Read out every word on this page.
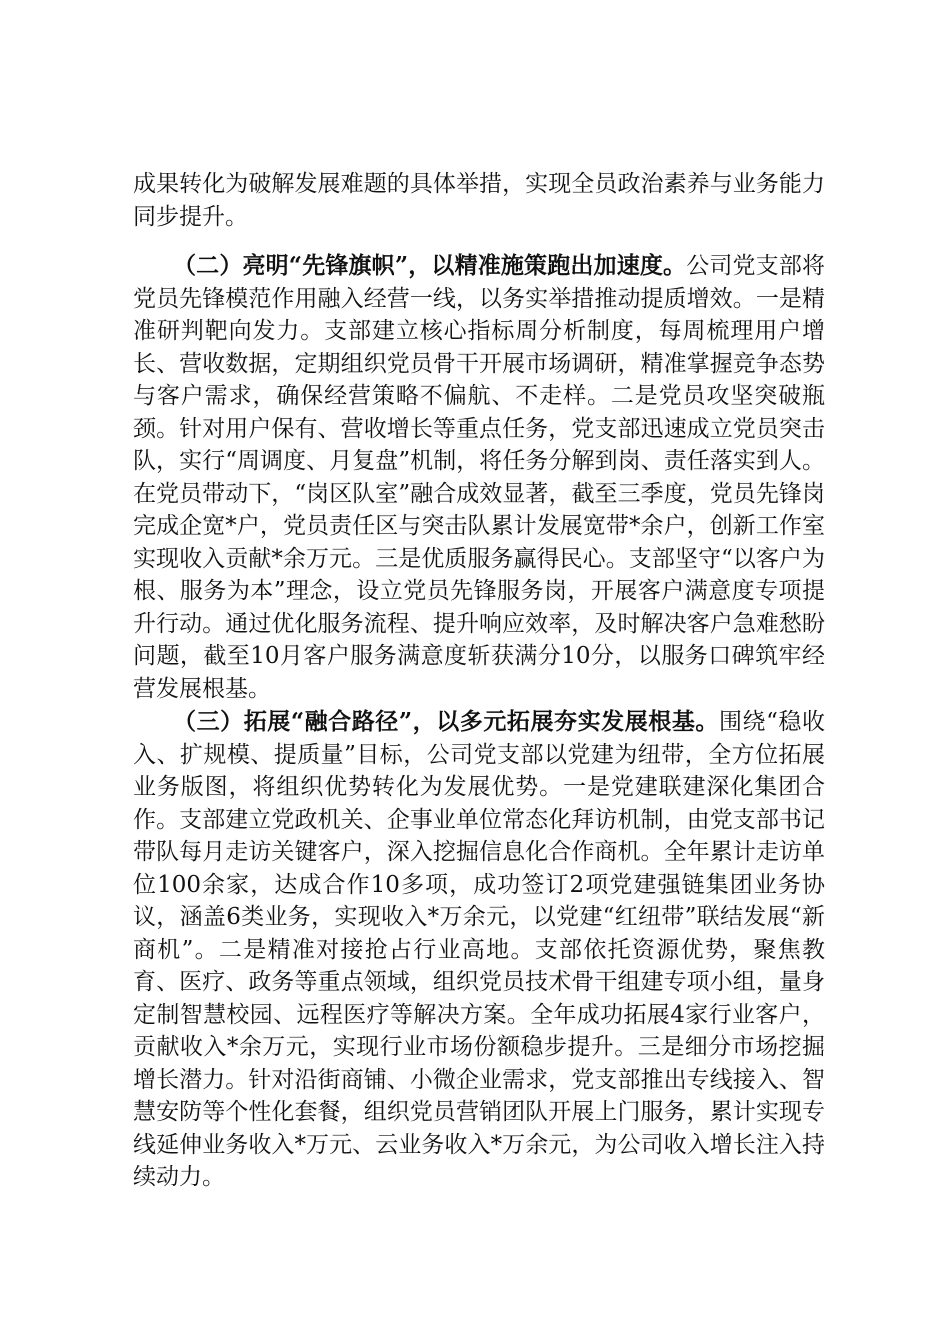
成果转化为破解发展难题的具体举措，实现全员政治素养与业务能力同步提升。

（二）亮明“先锋旗帜”，以精准施策跑出加速度。公司党支部将党员先锋模范作用融入经营一线，以务实举措推动提质增效。一是精准研判靶向发力。支部建立核心指标周分析制度，每周梳理用户增长、营收数据，定期组织党员骨干开展市场调研，精准掌握竞争态势与客户需求，确保经营策略不偏航、不走样。二是党员攻坚突破瓶颈。针对用户保有、营收增长等重点任务，党支部迅速成立党员突击队，实行“周调度、月复盘”机制，将任务分解到岗、责任落实到人。在党员带动下，“岗区队室”融合成效显著，截至三季度，党员先锋岗完成企宽*户，党员责任区与突击队累计发展宽带*余户，创新工作室实现收入贡献*余万元。三是优质服务赢得民心。支部坚守“以客户为根、服务为本”理念，设立党员先锋服务岗，开展客户满意度专项提升行动。通过优化服务流程、提升响应效率，及时解决客户急难愁盼问题，截至10月客户服务满意度斩获满分10分，以服务口碑筑牢经营发展根基。

（三）拓展“融合路径”，以多元拓展夯实发展根基。围绕“稳收入、扩规模、提质量”目标，公司党支部以党建为纽带，全方位拓展业务版图，将组织优势转化为发展优势。一是党建联建深化集团合作。支部建立党政机关、企事业单位常态化拜访机制，由党支部书记带队每月走访关键客户，深入挖掘信息化合作商机。全年累计走访单位100余家，达成合作10多项，成功签订2项党建强链集团业务协议，涵盖6类业务，实现收入*万余元，以党建“红纽带”联结发展“新商机”。二是精准对接抢占行业高地。支部依托资源优势，聚焦教育、医疗、政务等重点领域，组织党员技术骨干组建专项小组，量身定制智慧校园、远程医疗等解决方案。全年成功拓展4家行业客户，贡献收入*余万元，实现行业市场份额稳步提升。三是细分市场挖掘增长潜力。针对沿街商铺、小微企业需求，党支部推出专线接入、智慧安防等个性化套餐，组织党员营销团队开展上门服务，累计实现专线延伸业务收入*万元、云业务收入*万余元，为公司收入增长注入持续动力。
